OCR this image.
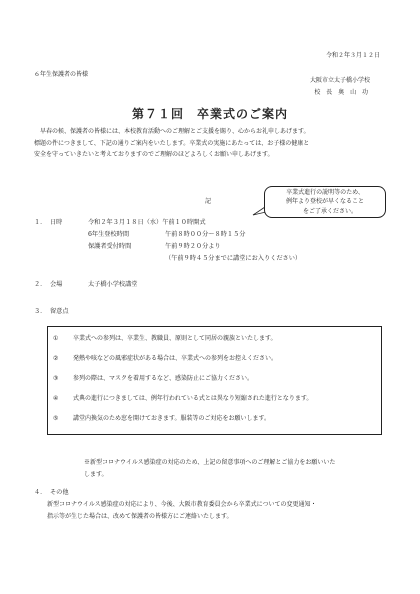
令和２年３月１２日
６年生保護者の皆様
大阪市立太子橋小学校
校 長 奥 山 功
第７１回　卒業式のご案内

早春の候、保護者の皆様には、本校教育活動へのご理解とご支援を賜り、心からお礼申しあげます。

標題の件につきまして、下記の通りご案内をいたします。卒業式の実施にあたっては、お子様の健康と

安全を守っていきたいと考えておりますのでご理解のほどよろしくお願い申しあげます。

記
卒業式進行の説明等のため、
例年より登校が早くなること
をご了承ください。
１． 日時	令和２年３月１８日（水）午前１０時開式
6年生登校時間	午前８時００分～８時１５分
保護者受付時間	午前９時２０分より
（午前９時４５分までに講堂にお入りください）
２． 会場	太子橋小学校講堂
３． 留意点
① 卒業式への参列は、卒業生、教職員、原則として同居の親族といたします。
② 発熱や咳などの風邪症状がある場合は、卒業式への参列をお控えください。
③ 参列の際は、マスクを着用するなど、感染防止にご協力ください。
④ 式典の進行につきましては、例年行われている式とは異なり短縮された進行となります。
⑤ 講堂内換気のため窓を開けておきます。服装等のご対応をお願いします。
※新型コロナウイルス感染症の対応のため、上記の留意事項へのご理解とご協力をお願いいた
します。
４． その他

新型コロナウイルス感染症の対応により、今後、大阪市教育委員会から卒業式についての変更通知・

指示等が生じた場合は、改めて保護者の皆様方にご連絡いたします。
